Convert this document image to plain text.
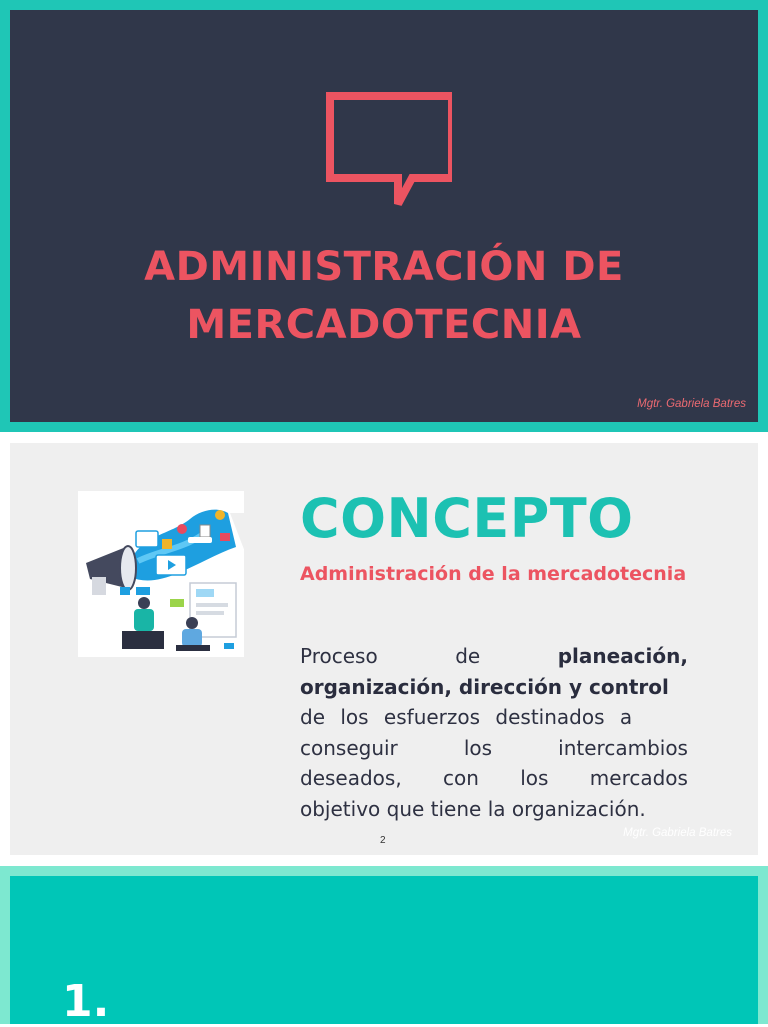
ADMINISTRACIÓN DE
MERCADOTECNIA
Mgtr. Gabriela Batres
CONCEPTO
Administración de la mercadotecnia
Proceso	de	planeación,
organización, dirección y control
de los esfuerzos destinados a
conseguir	los	intercambios
deseados, con los mercados
objetivo que tiene la organización.
2
Mgtr. Gabriela Batres
1.
